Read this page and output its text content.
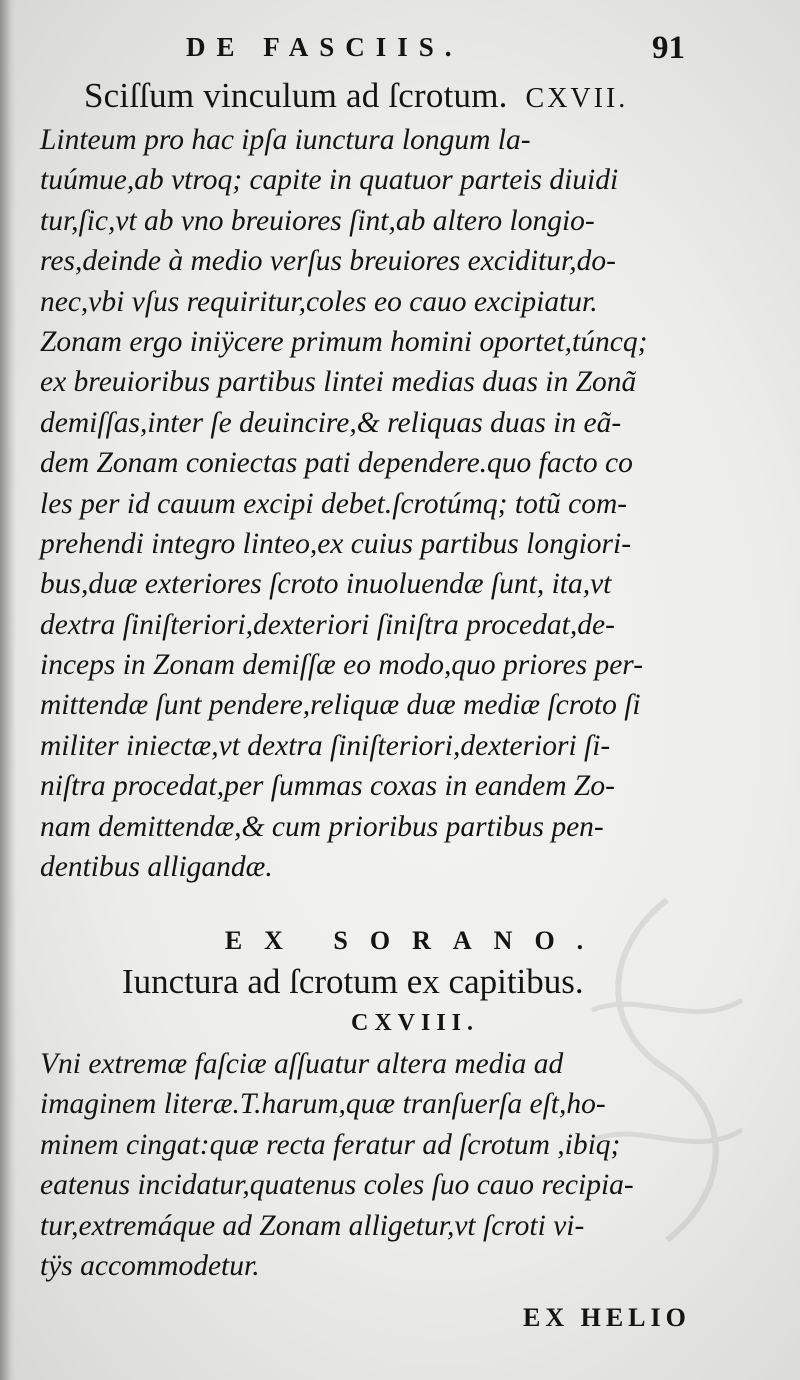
DE FASCIIS.	91
Sciſſum vinculum ad ſcrotum. CXVII.
Linteum pro hac ipſa iunctura longum la-
tuúmue,ab vtroq; capite in quatuor parteis diuidi
tur,ſic,vt ab vno breuiores ſint,ab altero longio-
res,deinde à medio verſus breuiores exciditur,do-
nec,vbi vſus requiritur,coles eo cauo excipiatur.
Zonam ergo iniÿcere primum homini oportet,túncq;
ex breuioribus partibus lintei medias duas in Zonã
demiſſas,inter ſe deuincire,& reliquas duas in eã-
dem Zonam coniectas pati dependere.quo facto co
les per id cauum excipi debet.ſcrotúmq; totũ com-
prehendi integro linteo,ex cuius partibus longiori-
bus,duæ exteriores ſcroto inuoluendæ ſunt, ita,vt
dextra ſiniſteriori,dexteriori ſiniſtra procedat,de-
inceps in Zonam demiſſæ eo modo,quo priores per-
mittendæ ſunt pendere,reliquæ duæ mediæ ſcroto ſi
militer iniectæ,vt dextra ſiniſteriori,dexteriori ſi-
niſtra procedat,per ſummas coxas in eandem Zo-
nam demittendæ,& cum prioribus partibus pen-
dentibus alligandæ.
EX SORANO.
Iunctura ad ſcrotum ex capitibus.
CXVIII.
Vni extremæ faſciæ aſſuatur altera media ad
imaginem literæ.T.harum,quæ tranſuerſa eſt,ho-
minem cingat:quæ recta feratur ad ſcrotum ,ibiq;
eatenus incidatur,quatenus coles ſuo cauo recipia-
tur,extremáque ad Zonam alligetur,vt ſcroti vi-
tÿs accommodetur.
EX HELIO
